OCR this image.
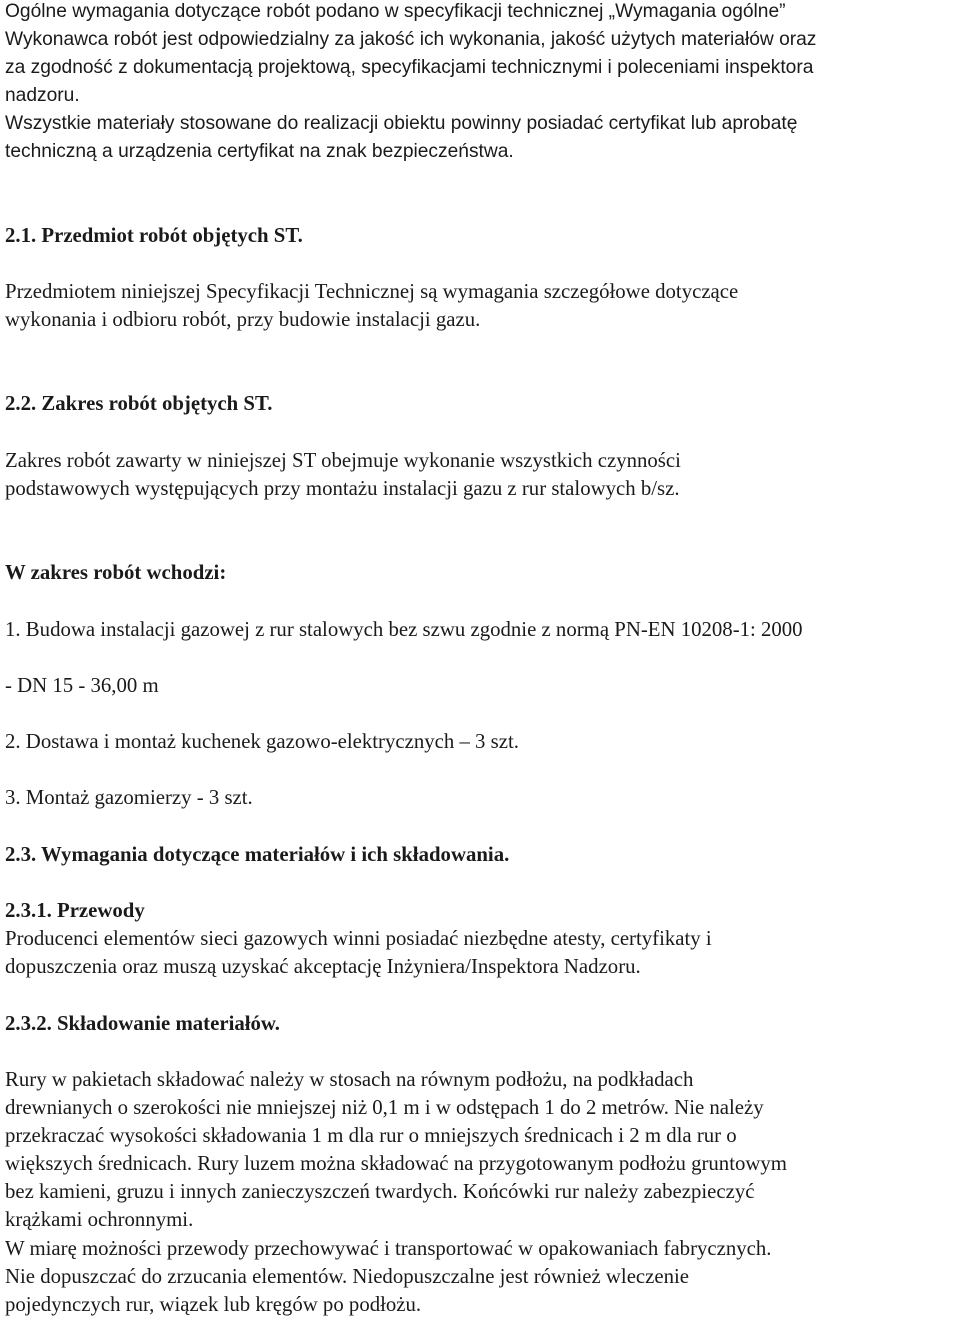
Ogólne wymagania dotyczące robót podano w specyfikacji technicznej „Wymagania ogólne”
Wykonawca robót jest odpowiedzialny za jakość ich wykonania, jakość użytych materiałów oraz
za zgodność z dokumentacją projektową, specyfikacjami technicznymi i poleceniami inspektora
nadzoru.
Wszystkie materiały stosowane do realizacji obiektu powinny posiadać certyfikat lub aprobatę
techniczną a urządzenia certyfikat na znak bezpieczeństwa.
2.1. Przedmiot robót objętych ST.
Przedmiotem niniejszej Specyfikacji Technicznej są wymagania szczegółowe dotyczące
wykonania i odbioru robót, przy budowie instalacji gazu.
2.2. Zakres robót objętych ST.
Zakres robót zawarty w niniejszej ST obejmuje wykonanie wszystkich czynności
podstawowych występujących przy montażu instalacji gazu z rur stalowych b/sz.
W zakres robót wchodzi:
1. Budowa instalacji gazowej z rur stalowych bez szwu zgodnie z normą PN-EN 10208-1: 2000
- DN 15 - 36,00 m
2. Dostawa i montaż kuchenek gazowo-elektrycznych – 3 szt.
3. Montaż gazomierzy - 3 szt.
2.3. Wymagania dotyczące materiałów i ich składowania.
2.3.1. Przewody
Producenci elementów sieci gazowych winni posiadać niezbędne atesty, certyfikaty i
dopuszczenia oraz muszą uzyskać akceptację Inżyniera/Inspektora Nadzoru.
2.3.2. Składowanie materiałów.
Rury w pakietach składować należy w stosach na równym podłożu, na podkładach
drewnianych o szerokości nie mniejszej niż 0,1 m i w odstępach 1 do 2 metrów. Nie należy
przekraczać wysokości składowania 1 m dla rur o mniejszych średnicach i 2 m dla rur o
większych średnicach. Rury luzem można składować na przygotowanym podłożu gruntowym
bez kamieni, gruzu i innych zanieczyszczeń twardych. Końcówki rur należy zabezpieczyć
krążkami ochronnymi.
W miarę możności przewody przechowywać i transportować w opakowaniach fabrycznych.
Nie dopuszczać do zrzucania elementów. Niedopuszczalne jest również wleczenie
pojedynczych rur, wiązek lub kręgów po podłożu.
